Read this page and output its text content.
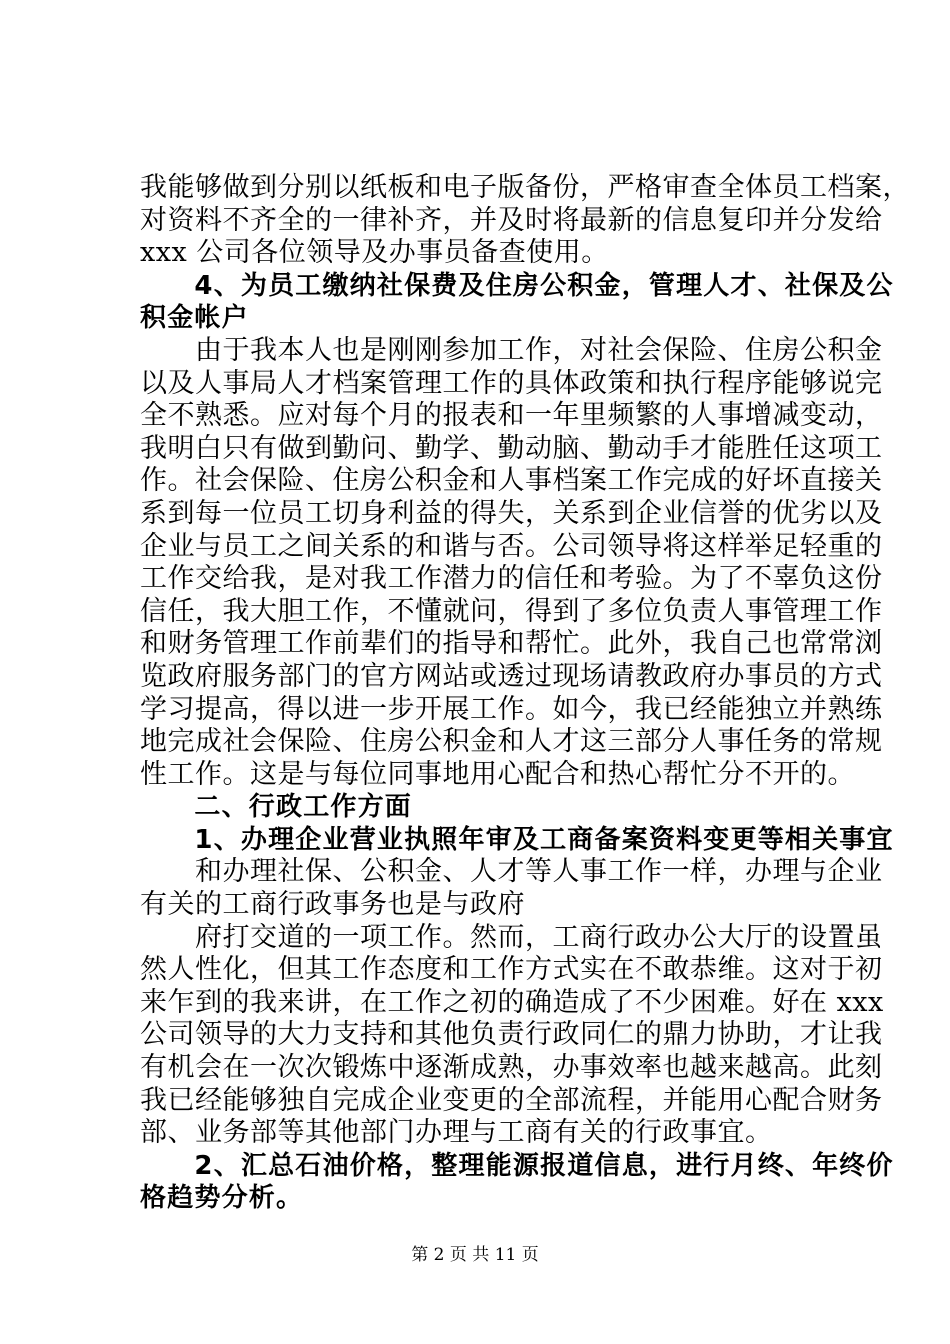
我能够做到分别以纸板和电子版备份，严格审查全体员工档案，
对资料不齐全的一律补齐，并及时将最新的信息复印并分发给
xxx 公司各位领导及办事员备查使用。
　　4、为员工缴纳社保费及住房公积金，管理人才、社保及公
积金帐户
　　由于我本人也是刚刚参加工作，对社会保险、住房公积金
以及人事局人才档案管理工作的具体政策和执行程序能够说完
全不熟悉。应对每个月的报表和一年里频繁的人事增减变动，
我明白只有做到勤问、勤学、勤动脑、勤动手才能胜任这项工
作。社会保险、住房公积金和人事档案工作完成的好坏直接关
系到每一位员工切身利益的得失，关系到企业信誉的优劣以及
企业与员工之间关系的和谐与否。公司领导将这样举足轻重的
工作交给我，是对我工作潜力的信任和考验。为了不辜负这份
信任，我大胆工作，不懂就问，得到了多位负责人事管理工作
和财务管理工作前辈们的指导和帮忙。此外，我自己也常常浏
览政府服务部门的官方网站或透过现场请教政府办事员的方式
学习提高，得以进一步开展工作。如今，我已经能独立并熟练
地完成社会保险、住房公积金和人才这三部分人事任务的常规
性工作。这是与每位同事地用心配合和热心帮忙分不开的。
　　二、行政工作方面
　　1、办理企业营业执照年审及工商备案资料变更等相关事宜
　　和办理社保、公积金、人才等人事工作一样，办理与企业
有关的工商行政事务也是与政府
　　府打交道的一项工作。然而，工商行政办公大厅的设置虽
然人性化，但其工作态度和工作方式实在不敢恭维。这对于初
来乍到的我来讲，在工作之初的确造成了不少困难。好在 xxx
公司领导的大力支持和其他负责行政同仁的鼎力协助，才让我
有机会在一次次锻炼中逐渐成熟，办事效率也越来越高。此刻
我已经能够独自完成企业变更的全部流程，并能用心配合财务
部、业务部等其他部门办理与工商有关的行政事宜。
　　2、汇总石油价格，整理能源报道信息，进行月终、年终价
格趋势分析。
第 2 页 共 11 页
